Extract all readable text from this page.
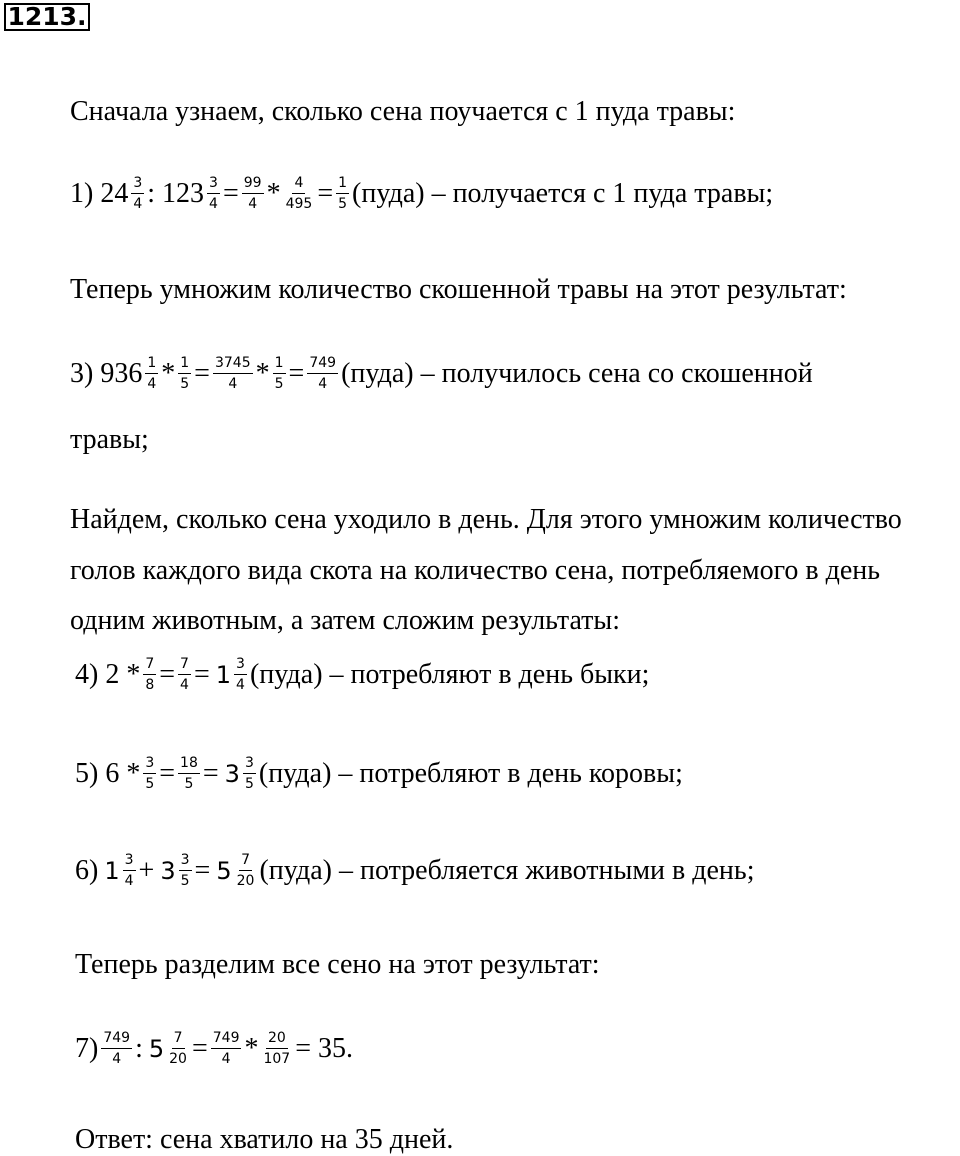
1213.
Сначала узнаем, сколько сена поучается с 1 пуда травы:
1) $24 \frac{3}{4}$ : $123 \frac{3}{4} = \frac{99}{4} * \frac{4}{495} = \frac{1}{5}$ (пуда) – получается с 1 пуда травы;
Теперь умножим количество скошенной травы на этот результат:
3) $936 \frac{1}{4} * \frac{1}{5} = \frac{3745}{4} * \frac{1}{5} = \frac{749}{4}$ (пуда) – получилось сена со скошенной
травы;
Найдем, сколько сена уходило в день. Для этого умножим количество
голов каждого вида скота на количество сена, потребляемого в день
одним животным, а затем сложим результаты:
4) $2 * \frac{7}{8} = \frac{7}{4} = 1 \frac{3}{4}$ (пуда) – потребляют в день быки;
5) $6 * \frac{3}{5} = \frac{18}{5} = 3 \frac{3}{5}$ (пуда) – потребляют в день коровы;
6) $1 \frac{3}{4} + 3 \frac{3}{5} = 5 \frac{7}{20}$ (пуда) – потребляется животными в день;
Теперь разделим все сено на этот результат:
$7) \frac{749}{4}$ : $5 \frac{7}{20} = \frac{749}{4} * \frac{20}{107} = 35$.
Ответ: сена хватило на 35 дней.
